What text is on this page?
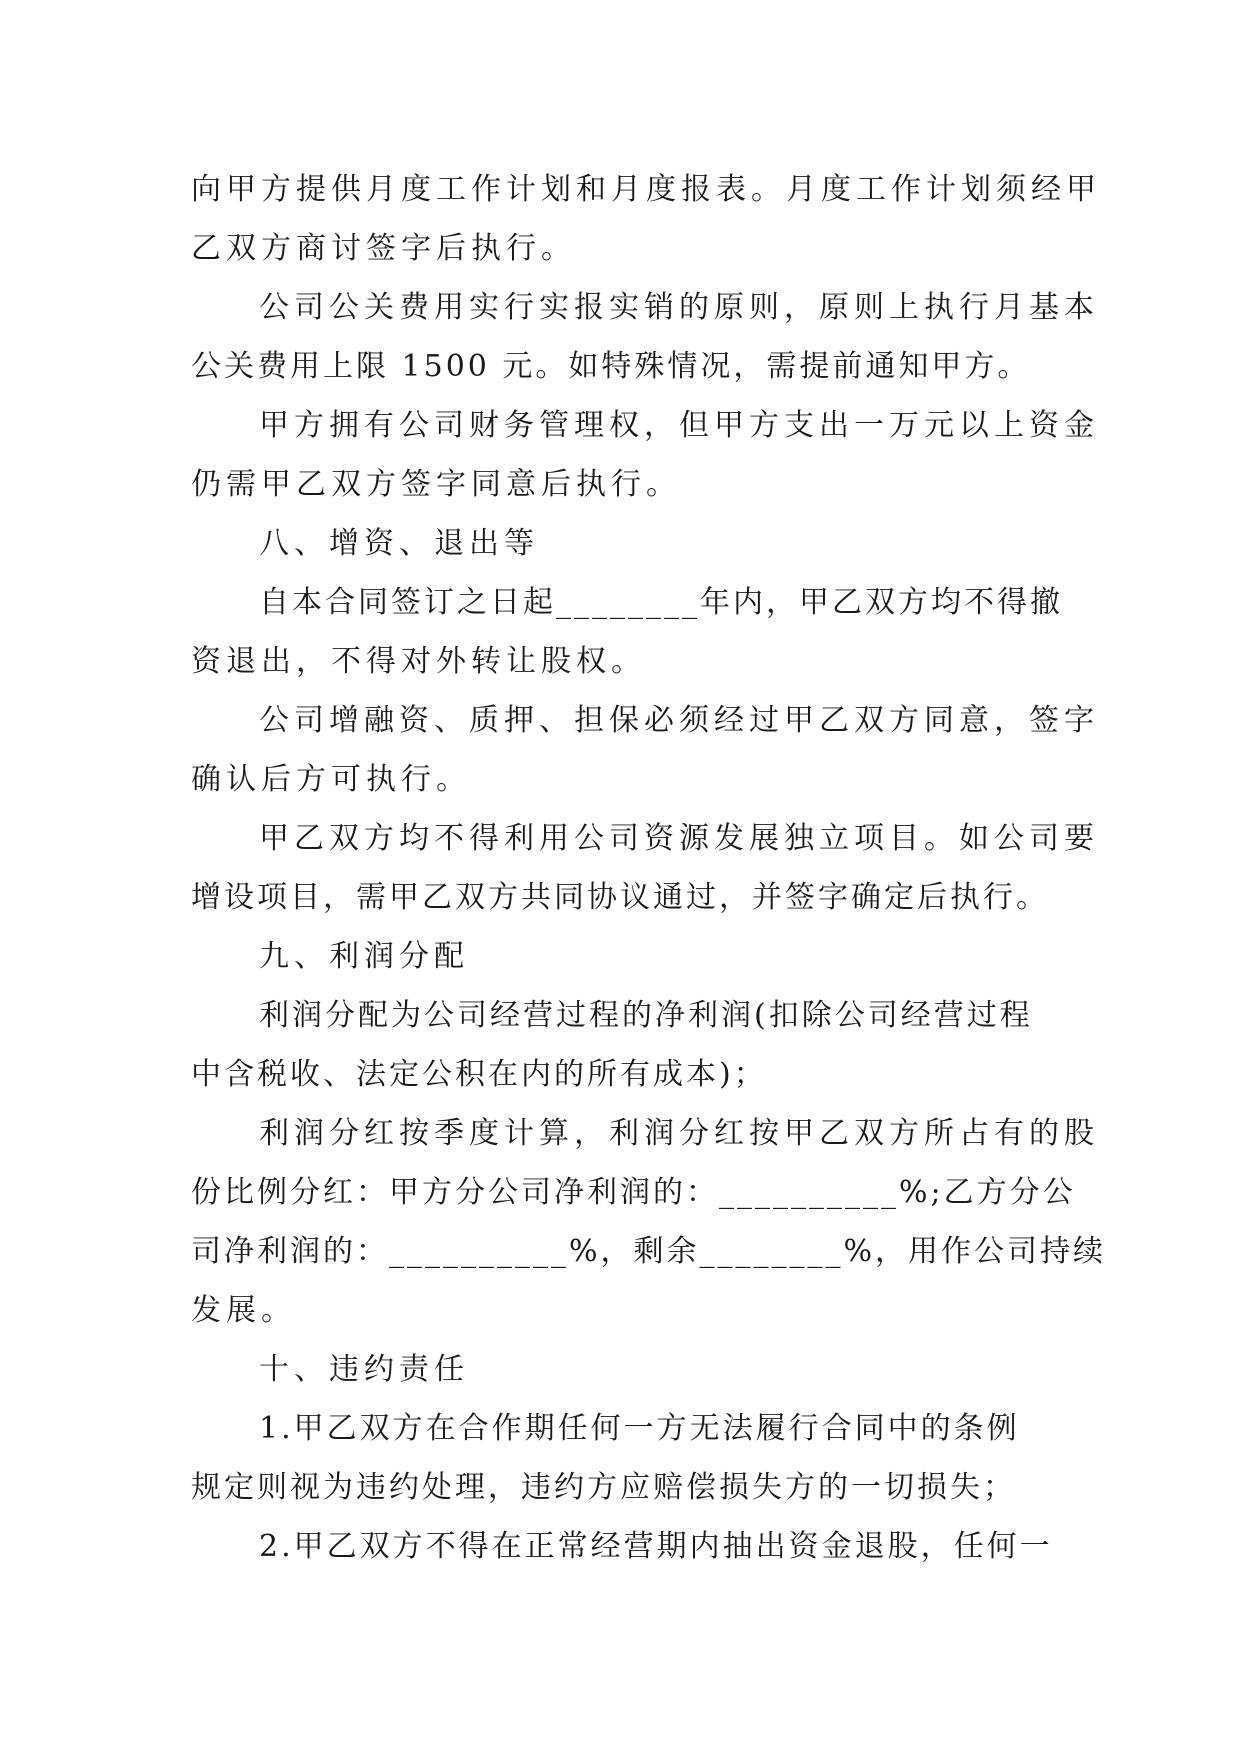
向甲方提供月度工作计划和月度报表。月度工作计划须经甲
乙双方商讨签字后执行。
公司公关费用实行实报实销的原则，原则上执行月基本
公关费用上限 1500 元。如特殊情况，需提前通知甲方。
甲方拥有公司财务管理权，但甲方支出一万元以上资金
仍需甲乙双方签字同意后执行。
八、增资、退出等
自本合同签订之日起________年内，甲乙双方均不得撤
资退出，不得对外转让股权。
公司增融资、质押、担保必须经过甲乙双方同意，签字
确认后方可执行。
甲乙双方均不得利用公司资源发展独立项目。如公司要
增设项目，需甲乙双方共同协议通过，并签字确定后执行。
九、利润分配
利润分配为公司经营过程的净利润(扣除公司经营过程
中含税收、法定公积在内的所有成本)；
利润分红按季度计算，利润分红按甲乙双方所占有的股
份比例分红：甲方分公司净利润的：__________%;乙方分公
司净利润的：__________%，剩余________%，用作公司持续
发展。
十、违约责任
1.甲乙双方在合作期任何一方无法履行合同中的条例
规定则视为违约处理，违约方应赔偿损失方的一切损失；
2.甲乙双方不得在正常经营期内抽出资金退股，任何一
